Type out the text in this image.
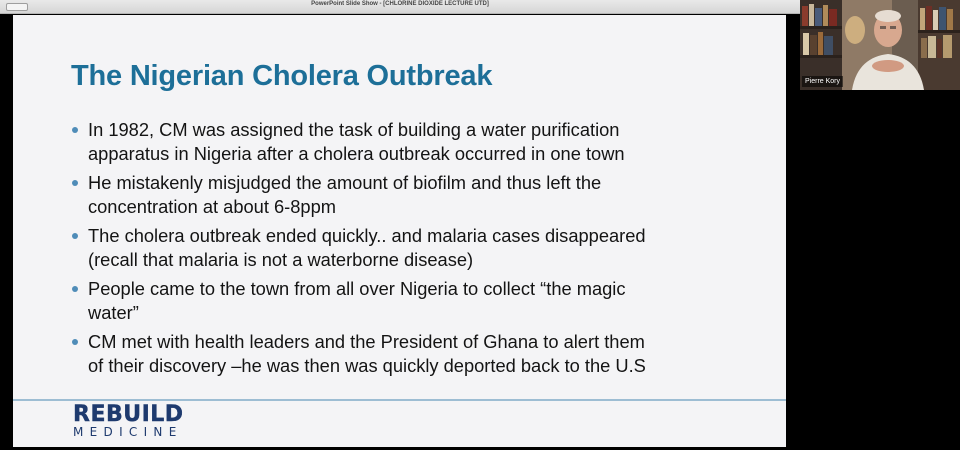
PowerPoint Slide Show - [CHLORINE DIOXIDE LECTURE UTD]
The Nigerian Cholera Outbreak
In 1982, CM was assigned the task of building a water purification
apparatus in Nigeria after a cholera outbreak occurred in one town
He mistakenly misjudged the amount of biofilm and thus left the
concentration at about 6-8ppm
The cholera outbreak ended quickly.. and malaria cases disappeared
(recall that malaria is not a waterborne disease)
People came to the town from all over Nigeria to collect “the magic
water”
CM met with health leaders and the President of Ghana to alert them
of their discovery –he was then was quickly deported back to the U.S
REBUILD
MEDICINE
Pierre Kory
